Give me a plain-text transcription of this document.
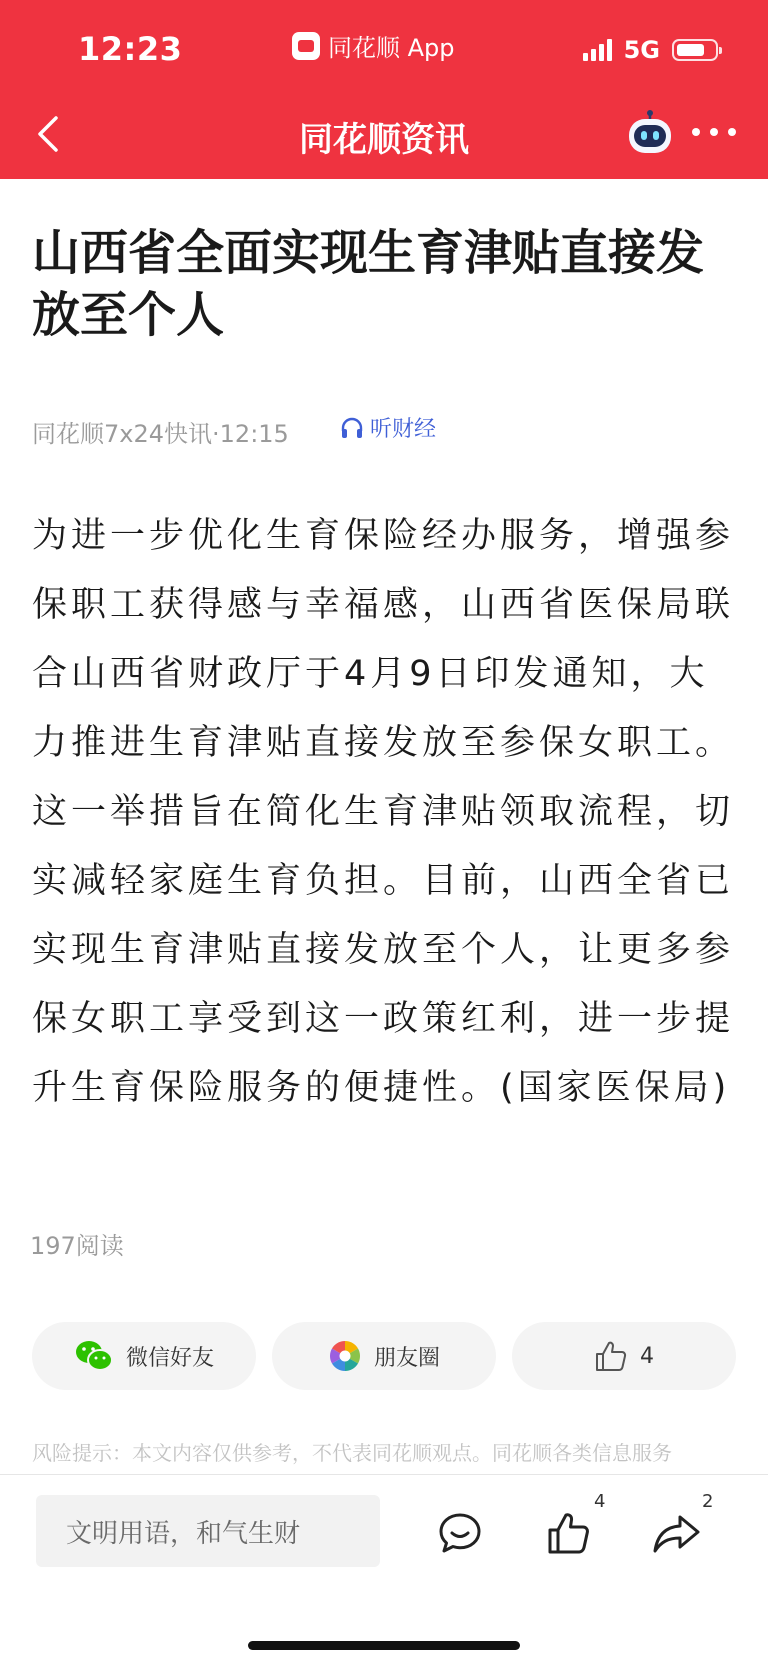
12:23	同花顺 App	5G
同花顺资讯
山西省全面实现生育津贴直接发放至个人
同花顺7x24快讯·12:15	听财经

为进一步优化生育保险经办服务，增强参保职工获得感与幸福感，山西省医保局联合山西省财政厅于4月9日印发通知，大力推进生育津贴直接发放至参保女职工。这一举措旨在简化生育津贴领取流程，切实减轻家庭生育负担。目前，山西全省已实现生育津贴直接发放至个人，让更多参保女职工享受到这一政策红利，进一步提升生育保险服务的便捷性。(国家医保局)

197阅读
微信好友	朋友圈	4
风险提示：本文内容仅供参考，不代表同花顺观点。同花顺各类信息服务
文明用语，和气生财
4	2
